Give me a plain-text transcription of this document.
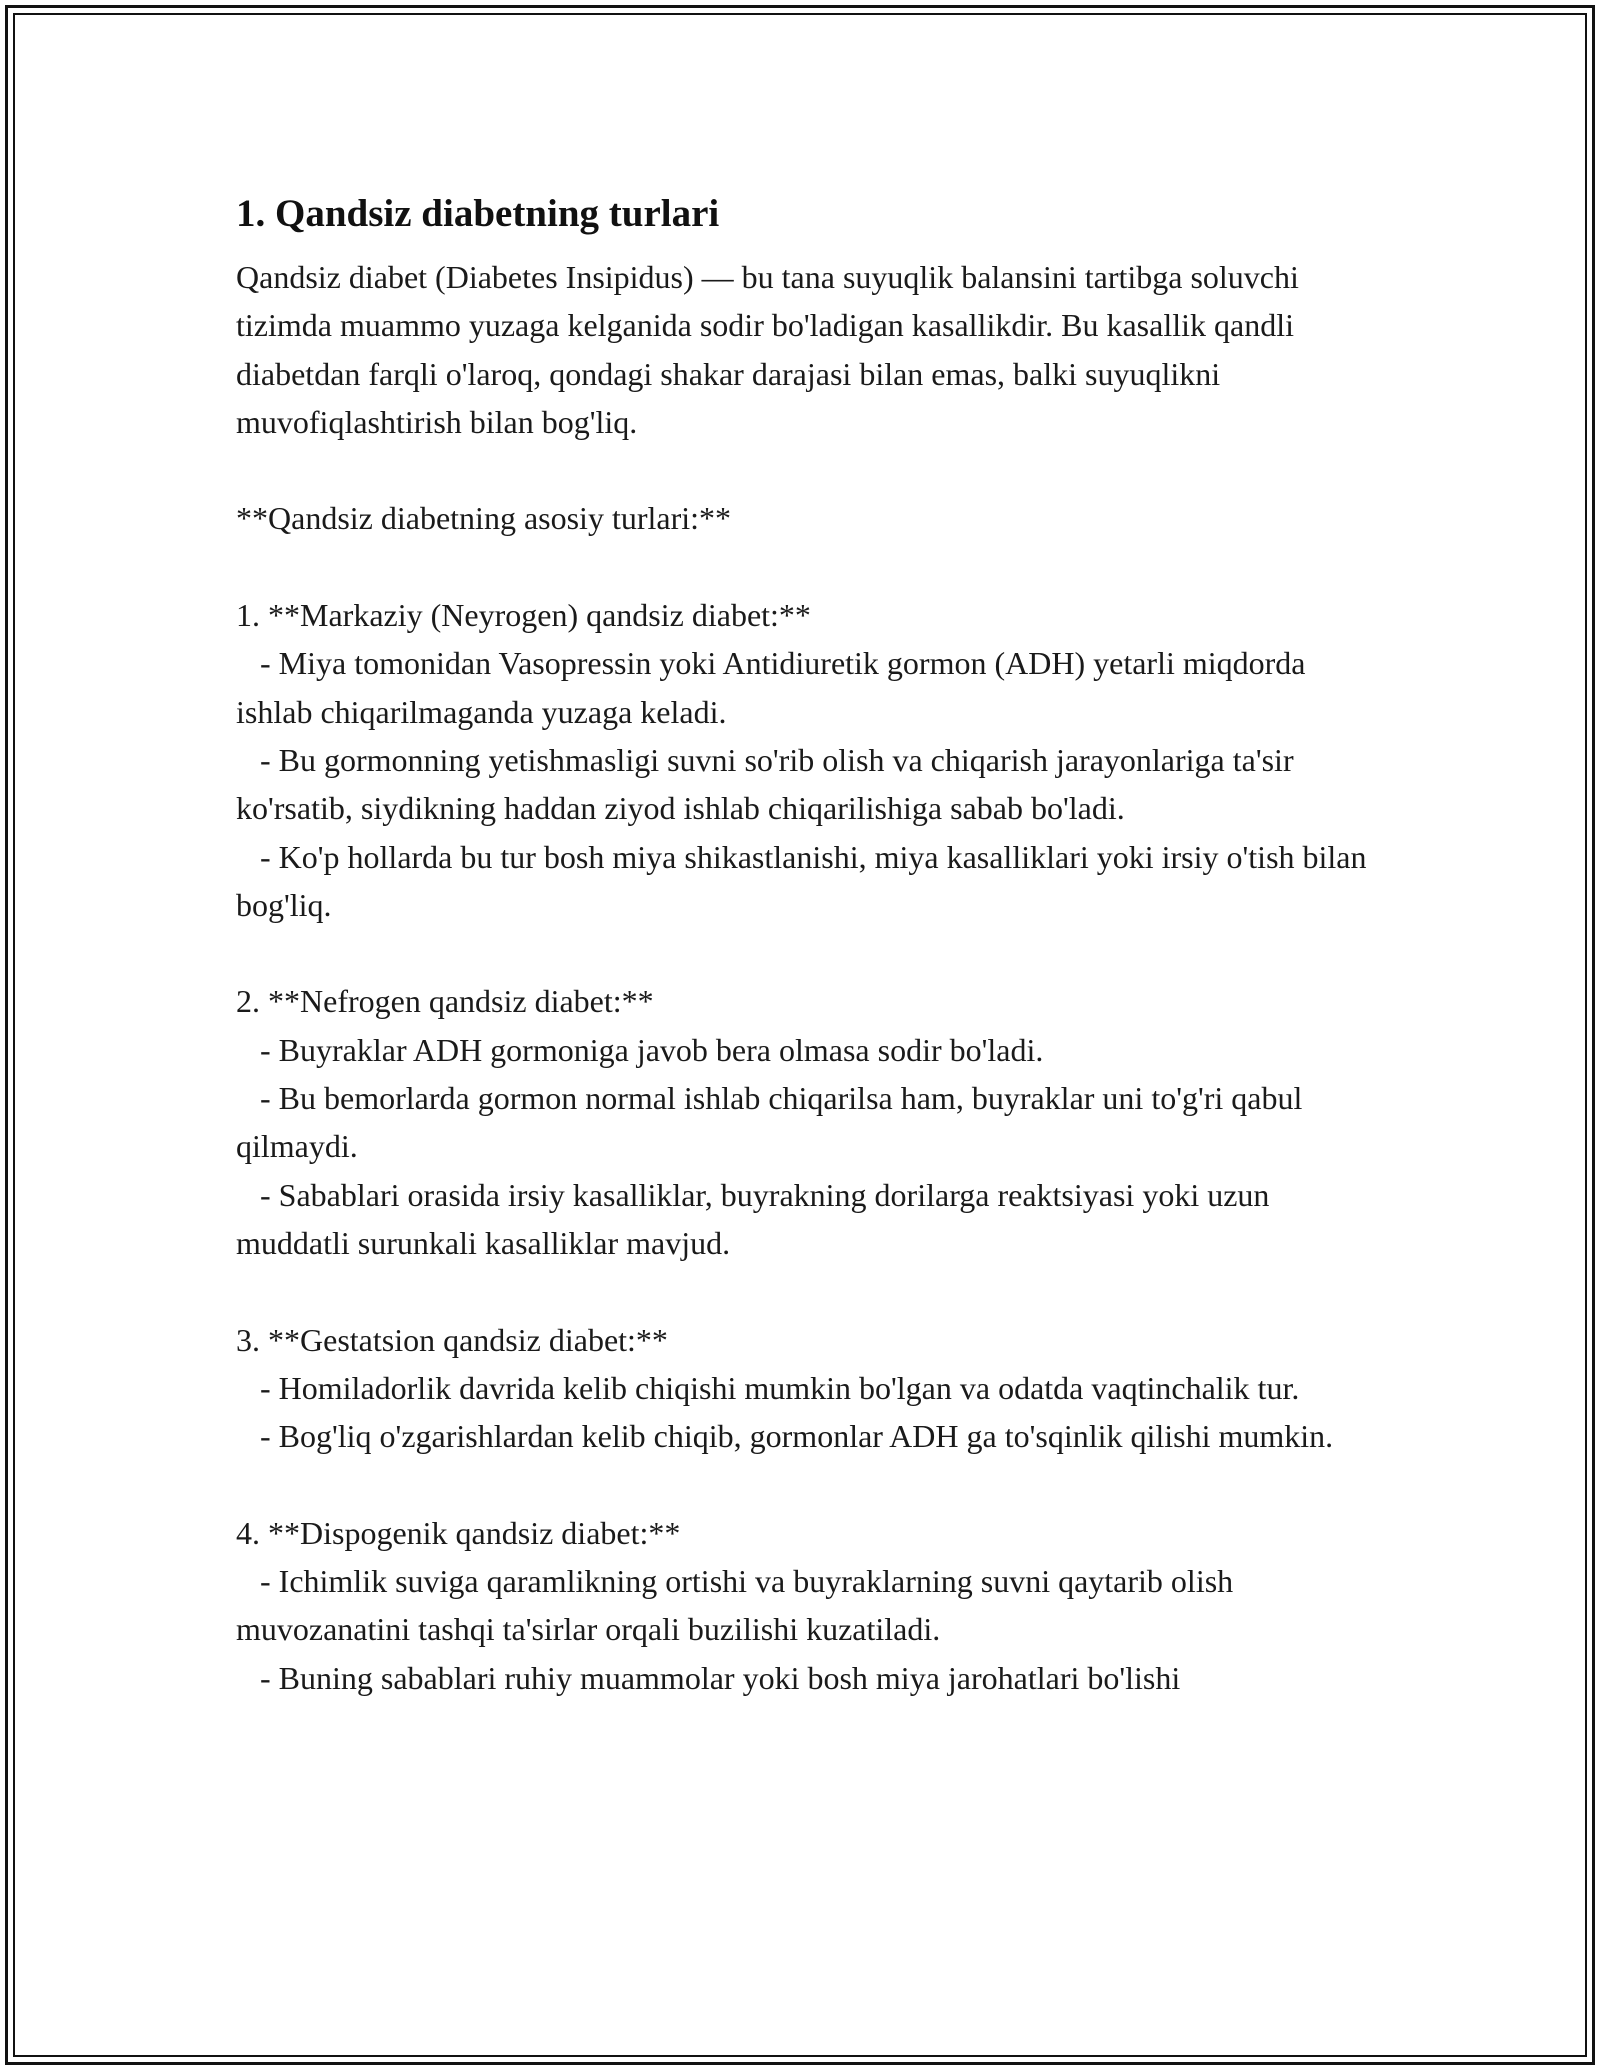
1. Qandsiz diabetning turlari

Qandsiz diabet (Diabetes Insipidus) — bu tana suyuqlik balansini tartibga soluvchi tizimda muammo yuzaga kelganida sodir bo'ladigan kasallikdir. Bu kasallik qandli diabetdan farqli o'laroq, qondagi shakar darajasi bilan emas, balki suyuqlikni muvofiqlashtirish bilan bog'liq.

**Qandsiz diabetning asosiy turlari:**

1. **Markaziy (Neyrogen) qandsiz diabet:**

- Miya tomonidan Vasopressin yoki Antidiuretik gormon (ADH) yetarli miqdorda ishlab chiqarilmaganda yuzaga keladi.

- Bu gormonning yetishmasligi suvni so'rib olish va chiqarish jarayonlariga ta'sir ko'rsatib, siydikning haddan ziyod ishlab chiqarilishiga sabab bo'ladi.

- Ko'p hollarda bu tur bosh miya shikastlanishi, miya kasalliklari yoki irsiy o'tish bilan bog'liq.

2. **Nefrogen qandsiz diabet:**

- Buyraklar ADH gormoniga javob bera olmasa sodir bo'ladi.

- Bu bemorlarda gormon normal ishlab chiqarilsa ham, buyraklar uni to'g'ri qabul qilmaydi.

- Sabablari orasida irsiy kasalliklar, buyrakning dorilarga reaktsiyasi yoki uzun muddatli surunkali kasalliklar mavjud.

3. **Gestatsion qandsiz diabet:**

- Homiladorlik davrida kelib chiqishi mumkin bo'lgan va odatda vaqtinchalik tur.

- Bog'liq o'zgarishlardan kelib chiqib, gormonlar ADH ga to'sqinlik qilishi mumkin.

4. **Dispogenik qandsiz diabet:**

- Ichimlik suviga qaramlikning ortishi va buyraklarning suvni qaytarib olish muvozanatini tashqi ta'sirlar orqali buzilishi kuzatiladi.

- Buning sabablari ruhiy muammolar yoki bosh miya jarohatlari bo'lishi
